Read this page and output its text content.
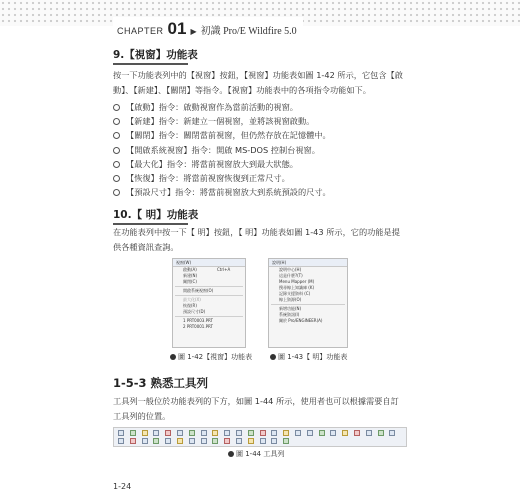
CHAPTER 01 ▶ 初識 Pro/E Wildfire 5.0
9.【視窗】功能表
按一下功能表列中的【視窗】按鈕，【視窗】功能表如圖 1-42 所示，它包含【啟動】、【新建】、【關閉】等指令。【視窗】功能表中的各項指令功能如下。
【啟動】指令：啟動視窗作為當前活動的視窗。
【新建】指令：新建立一個視窗，並將該視窗啟動。
【關閉】指令：關閉當前視窗，但仍然存放在記憶體中。
【開啟系統視窗】指令：開啟 MS-DOS 控制台視窗。
【最大化】指令：將當前視窗放大到最大狀態。
【恢復】指令：將當前視窗恢復到正常尺寸。
【預設尺寸】指令：將當前視窗放大到系統預設的尺寸。
10.【 明】功能表
在功能表列中按一下【 明】按鈕，【 明】功能表如圖 1-43 所示，它的功能是提供各種資訊查詢。
視窗(W)
啟動(A)	Ctrl+A
新建(N)
關閉(C)
開啟系統視窗(O)
最大化(X)
恢復(R)
預設尺寸(D)
1 PRT0003.PRT
2 PRT0001.PRT
圖 1-42【視窗】功能表
說明(H)
說明中心(H)
這是什麼?(T)
Menu Mapper (M)
搜尋線上知識庫 (K)
記錄支援資料 (C)
線上資源(O)
新增功能(N)
系統資訊(I)
關於 Pro/ENGINEER(A)
圖 1-43【 明】功能表
1-5-3 熟悉工具列
工具列一般位於功能表列的下方，如圖 1-44 所示，使用者也可以根據需要自訂工具列的位置。
圖 1-44 工具列
1-24
